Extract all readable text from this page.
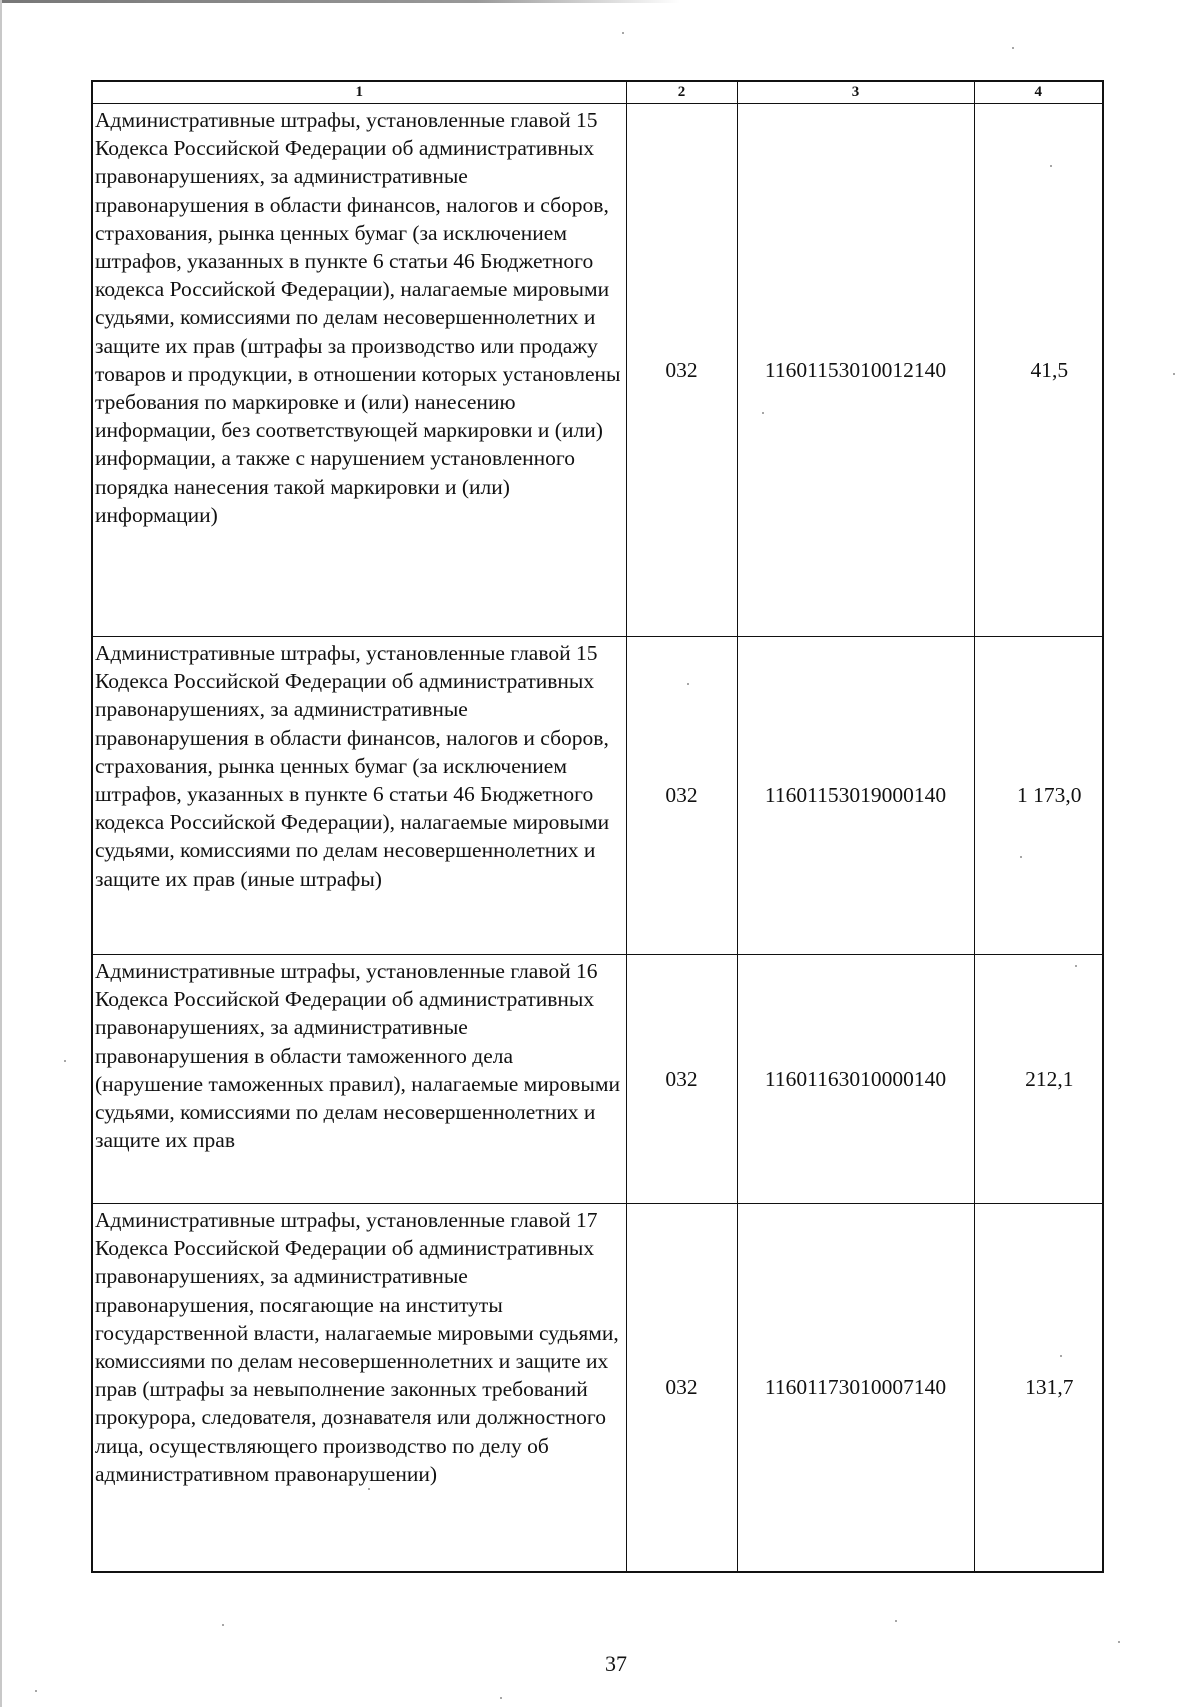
1	2	3	4
Административные штрафы, установленные главой 15 Кодекса Российской Федерации об административных правонарушениях, за административные правонарушения в области финансов, налогов и сборов, страхования, рынка ценных бумаг (за исключением штрафов, указанных в пункте 6 статьи 46 Бюджетного кодекса Российской Федерации), налагаемые мировыми судьями, комиссиями по делам несовершеннолетних и защите их прав (штрафы за производство или продажу товаров и продукции, в отношении которых установлены требования по маркировке и (или) нанесению информации, без соответствующей маркировки и (или) информации, а также с нарушением установленного порядка нанесения такой маркировки и (или) информации)	032	11601153010012140	41,5
Административные штрафы, установленные главой 15 Кодекса Российской Федерации об административных правонарушениях, за административные правонарушения в области финансов, налогов и сборов, страхования, рынка ценных бумаг (за исключением штрафов, указанных в пункте 6 статьи 46 Бюджетного кодекса Российской Федерации), налагаемые мировыми судьями, комиссиями по делам несовершеннолетних и защите их прав (иные штрафы)	032	11601153019000140	1 173,0
Административные штрафы, установленные главой 16 Кодекса Российской Федерации об административных правонарушениях, за административные правонарушения в области таможенного дела (нарушение таможенных правил), налагаемые мировыми судьями, комиссиями по делам несовершеннолетних и защите их прав	032	11601163010000140	212,1
Административные штрафы, установленные главой 17 Кодекса Российской Федерации об административных правонарушениях, за административные правонарушения, посягающие на институты государственной власти, налагаемые мировыми судьями, комиссиями по делам несовершеннолетних и защите их прав (штрафы за невыполнение законных требований прокурора, следователя, дознавателя или должностного лица, осуществляющего производство по делу об административном правонарушении)	032	11601173010007140	131,7
37
